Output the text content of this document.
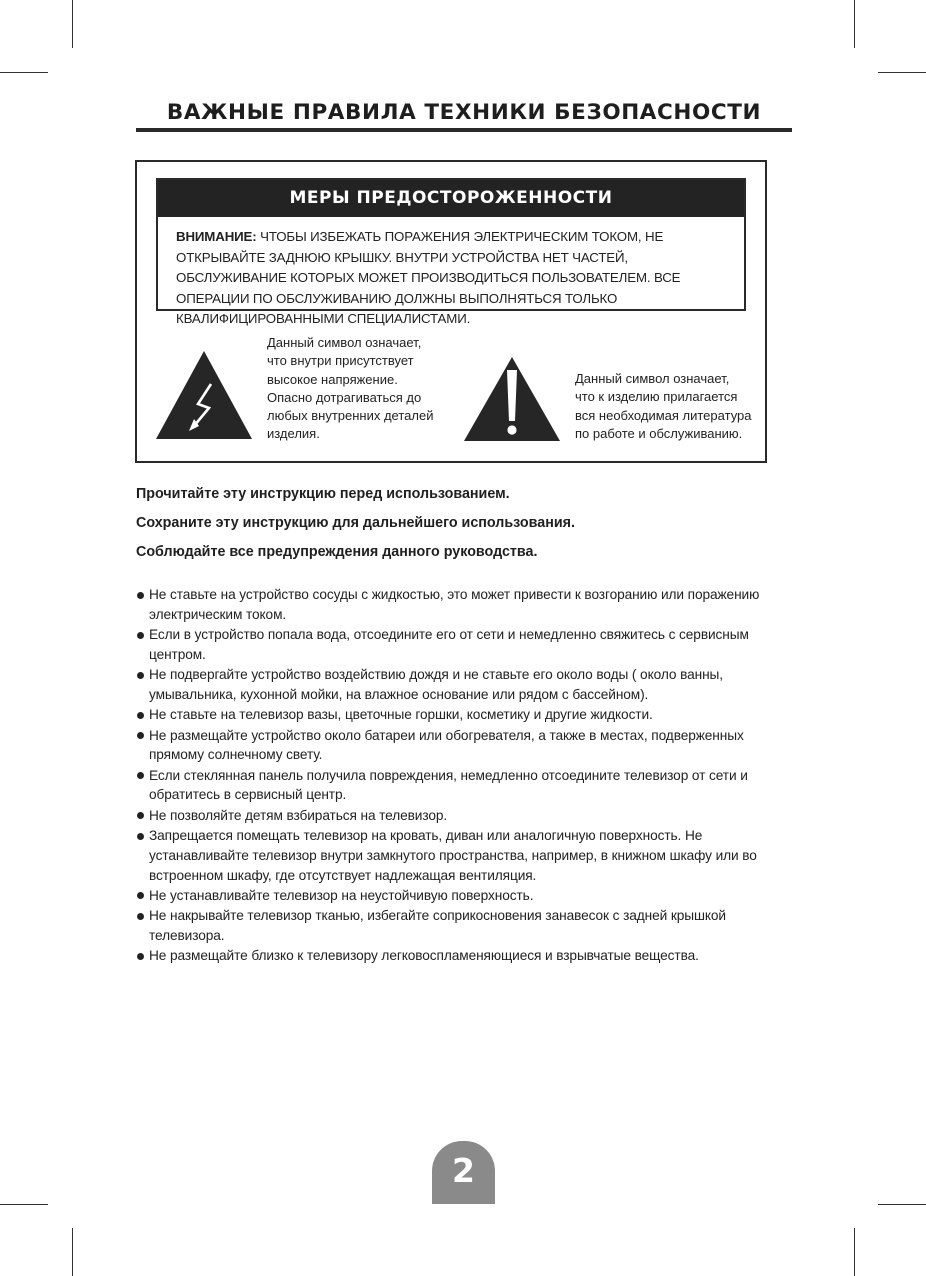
ВАЖНЫЕ ПРАВИЛА ТЕХНИКИ БЕЗОПАСНОСТИ
МЕРЫ ПРЕДОСТОРОЖЕННОСТИ
ВНИМАНИЕ: ЧТОБЫ ИЗБЕЖАТЬ ПОРАЖЕНИЯ ЭЛЕКТРИЧЕСКИМ ТОКОМ, НЕ ОТКРЫВАЙТЕ ЗАДНЮЮ КРЫШКУ. ВНУТРИ УСТРОЙСТВА НЕТ ЧАСТЕЙ, ОБСЛУЖИВАНИЕ КОТОРЫХ МОЖЕТ ПРОИЗВОДИТЬСЯ ПОЛЬЗОВАТЕЛЕМ. ВСЕ ОПЕРАЦИИ ПО ОБСЛУЖИВАНИЮ ДОЛЖНЫ ВЫПОЛНЯТЬСЯ ТОЛЬКО КВАЛИФИЦИРОВАННЫМИ СПЕЦИАЛИСТАМИ.
Данный символ означает,
что внутри присутствует
высокое напряжение.
Опасно дотрагиваться до
любых внутренних деталей
изделия.
Данный символ означает,
что к изделию прилагается
вся необходимая литература
по работе и обслуживанию.
Прочитайте эту инструкцию перед использованием.
Сохраните эту инструкцию для дальнейшего использования.
Соблюдайте все предупреждения данного руководства.
Не ставьте на устройство сосуды с жидкостью, это может привести к возгоранию или поражению электрическим током.
Если в устройство попала вода, отсоедините его от сети и немедленно свяжитесь с сервисным центром.
Не подвергайте устройство воздействию дождя и не ставьте его около воды ( около ванны, умывальника, кухонной мойки, на влажное основание или рядом с бассейном).
Не ставьте на телевизор вазы, цветочные горшки, косметику и другие жидкости.
Не размещайте устройство около батареи или обогревателя, а также в местах, подверженных прямому солнечному свету.
Если стеклянная панель получила повреждения, немедленно отсоедините телевизор от сети и обратитесь в сервисный центр.
Не позволяйте детям взбираться на телевизор.
Запрещается помещать телевизор на кровать, диван или аналогичную поверхность. Не устанавливайте телевизор внутри замкнутого пространства, например, в книжном шкафу или во встроенном шкафу, где отсутствует надлежащая вентиляция.
Не устанавливайте телевизор на неустойчивую поверхность.
Не накрывайте телевизор тканью, избегайте соприкосновения занавесок с задней крышкой телевизора.
Не размещайте близко к телевизору легковоспламеняющиеся и взрывчатые вещества.
2
